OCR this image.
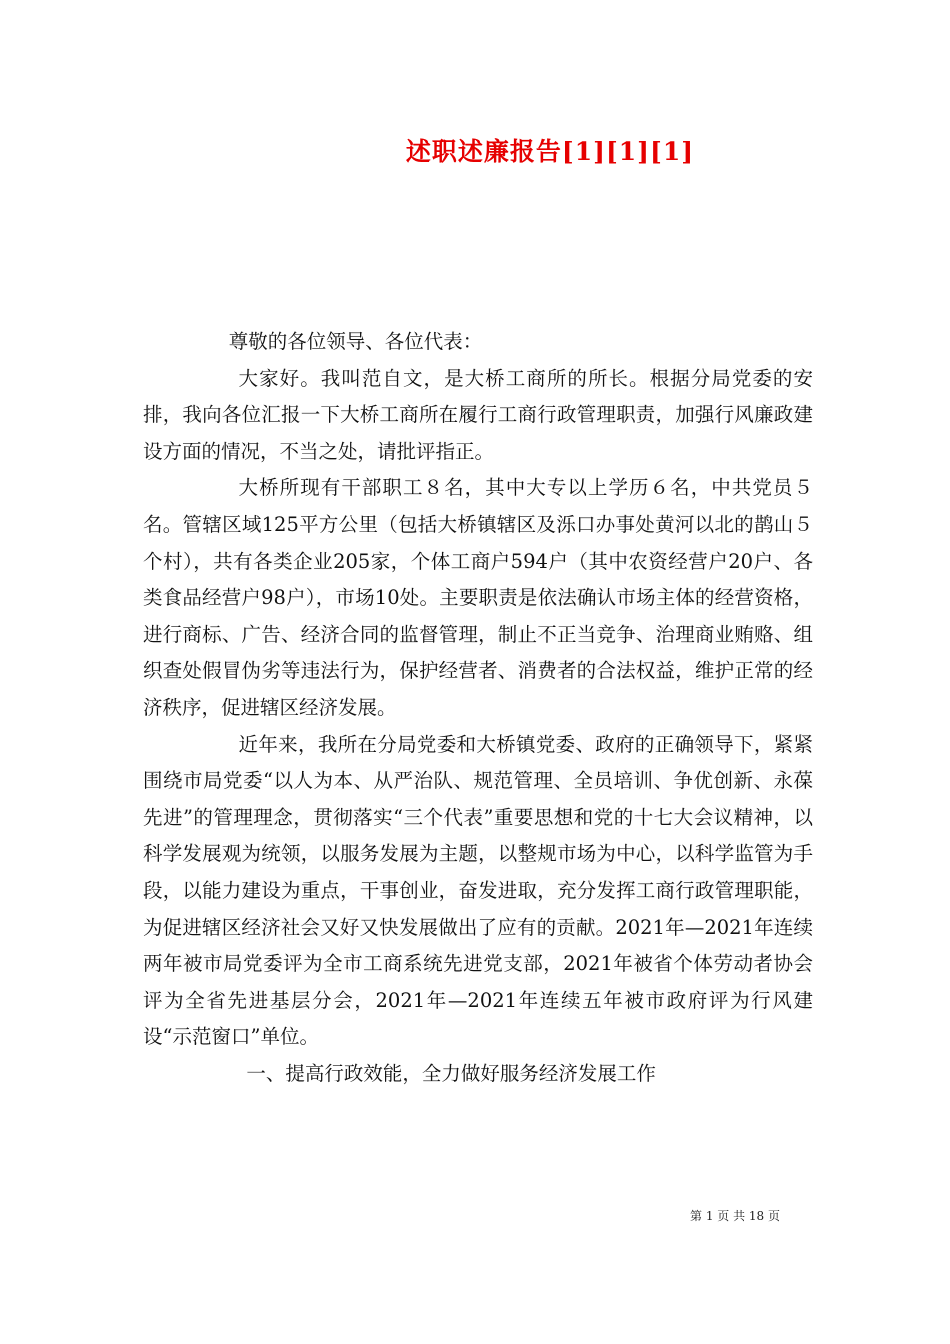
述职述廉报告[1][1][1]

尊敬的各位领导、各位代表：

大家好。我叫范自文，是大桥工商所的所长。根据分局党委的安排，我向各位汇报一下大桥工商所在履行工商行政管理职责，加强行风廉政建设方面的情况，不当之处，请批评指正。

大桥所现有干部职工８名，其中大专以上学历６名，中共党员５名。管辖区域125平方公里（包括大桥镇辖区及泺口办事处黄河以北的鹊山５个村），共有各类企业205家，个体工商户594户（其中农资经营户20户、各类食品经营户98户），市场10处。主要职责是依法确认市场主体的经营资格，进行商标、广告、经济合同的监督管理，制止不正当竞争、治理商业贿赂、组织查处假冒伪劣等违法行为，保护经营者、消费者的合法权益，维护正常的经济秩序，促进辖区经济发展。

近年来，我所在分局党委和大桥镇党委、政府的正确领导下，紧紧围绕市局党委“以人为本、从严治队、规范管理、全员培训、争优创新、永葆先进”的管理理念，贯彻落实“三个代表”重要思想和党的十七大会议精神，以科学发展观为统领，以服务发展为主题，以整规市场为中心，以科学监管为手段，以能力建设为重点，干事创业，奋发进取，充分发挥工商行政管理职能，为促进辖区经济社会又好又快发展做出了应有的贡献。2021年—2021年连续两年被市局党委评为全市工商系统先进党支部，2021年被省个体劳动者协会评为全省先进基层分会，2021年—2021年连续五年被市政府评为行风建设“示范窗口”单位。

一、提高行政效能，全力做好服务经济发展工作

第 1 页 共 18 页
